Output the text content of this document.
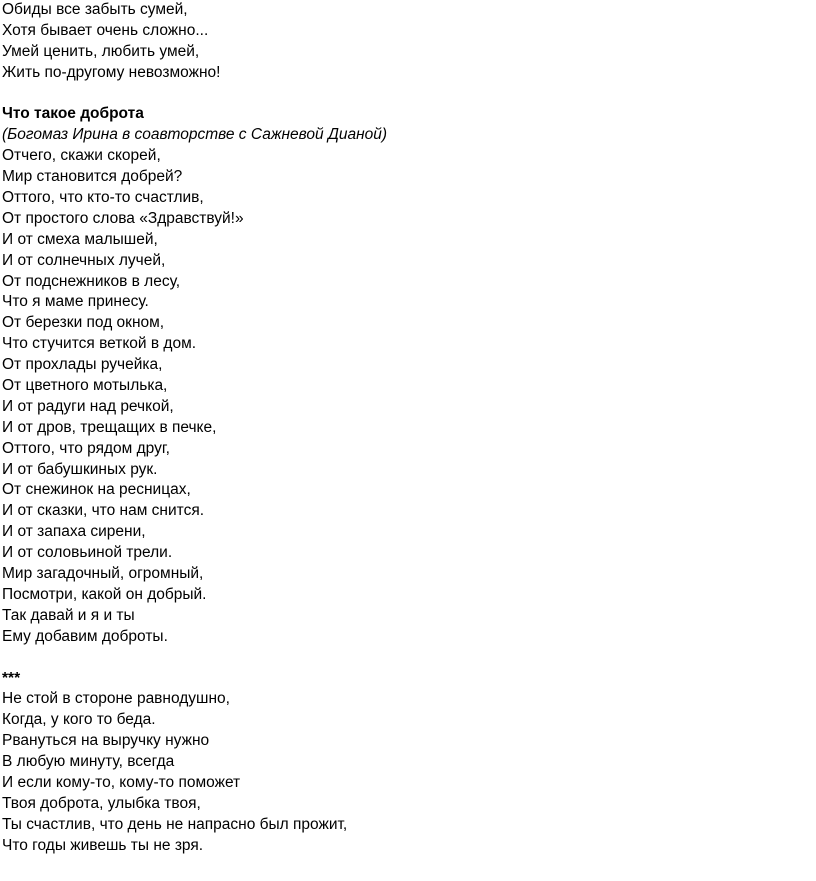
Обиды все забыть сумей,
Хотя бывает очень сложно...
Умей ценить, любить умей,
Жить по-другому невозможно!
Что такое доброта
(Богомаз Ирина в соавторстве с Сажневой Дианой)
Отчего, скажи скорей,
Мир становится добрей?
Оттого, что кто-то счастлив,
От простого слова «Здравствуй!»
И от смеха малышей,
И от солнечных лучей,
От подснежников в лесу,
Что я маме принесу.
От березки под окном,
Что стучится веткой в дом.
От прохлады ручейка,
От цветного мотылька,
И от радуги над речкой,
И от дров, трещащих в печке,
Оттого, что рядом друг,
И от бабушкиных рук.
От снежинок на ресницах,
И от сказки, что нам снится.
И от запаха сирени,
И от соловьиной трели.
Мир загадочный, огромный,
Посмотри, какой он добрый.
Так давай и я и ты
Ему добавим доброты.
***
Не стой в стороне равнодушно,
Когда, у кого то беда.
Рвануться на выручку нужно
В любую минуту, всегда
И если кому-то, кому-то поможет
Твоя доброта, улыбка твоя,
Ты счастлив, что день не напрасно был прожит,
Что годы живешь ты не зря.
